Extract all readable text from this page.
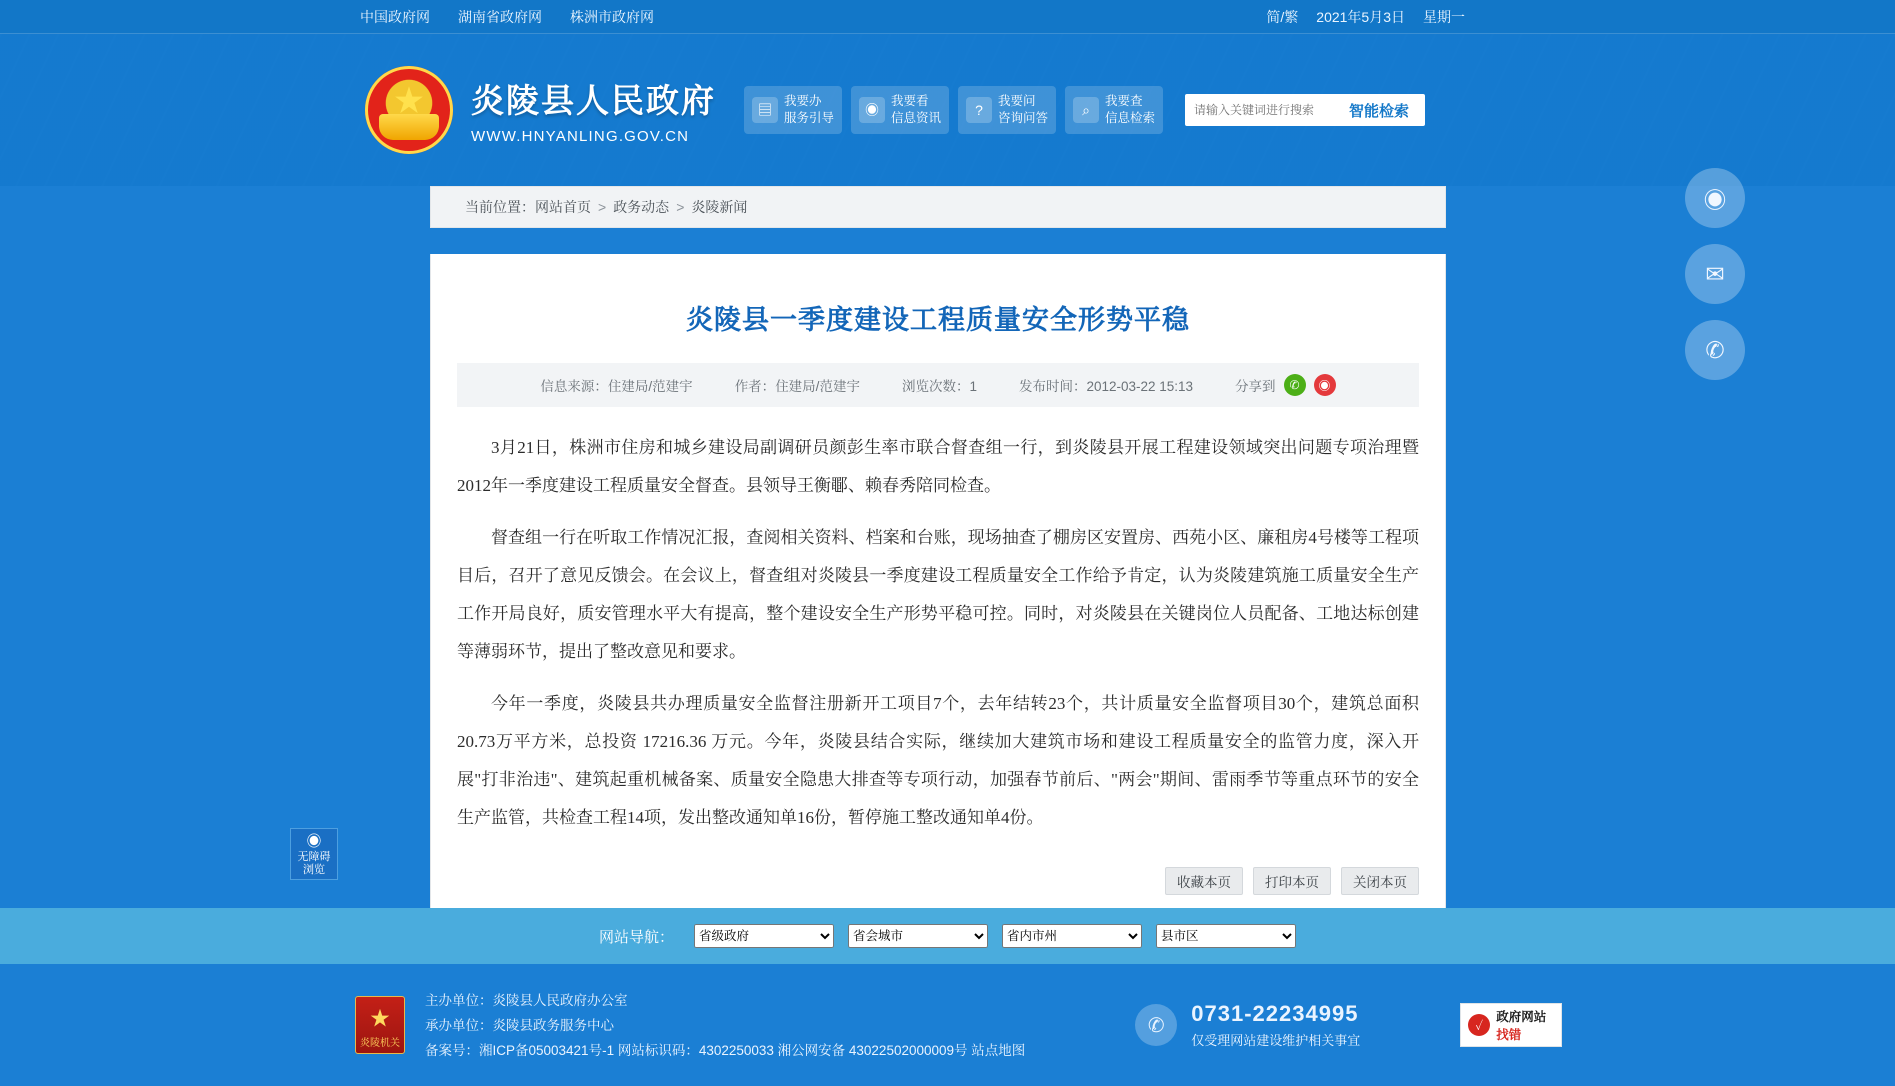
中国政府网 湖南省政府网 株洲市政府网	简/繁 2021年5月3日 星期一
★
炎陵县人民政府
WWW.HNYANLING.GOV.CN
▤
我要办
服务引导
◉
我要看
信息资讯
?
我要问
咨询问答
⌕
我要查
信息检索
请输入关键词进行搜索	智能检索
◉
✉
✆
◉
无障碍
浏览
当前位置： 网站首页 > 政务动态 > 炎陵新闻
炎陵县一季度建设工程质量安全形势平稳
信息来源：住建局/范建宇	作者：住建局/范建宇	浏览次数：1	发布时间：2012-03-22 15:13	分享到	✆	◉

3月21日，株洲市住房和城乡建设局副调研员颜彭生率市联合督查组一行，到炎陵县开展工程建设领域突出问题专项治理暨2012年一季度建设工程质量安全督查。县领导王衡鄳、赖春秀陪同检查。

督查组一行在听取工作情况汇报，查阅相关资料、档案和台账，现场抽查了棚房区安置房、西苑小区、廉租房4号楼等工程项目后，召开了意见反馈会。在会议上，督查组对炎陵县一季度建设工程质量安全工作给予肯定，认为炎陵建筑施工质量安全生产工作开局良好，质安管理水平大有提高，整个建设安全生产形势平稳可控。同时，对炎陵县在关键岗位人员配备、工地达标创建等薄弱环节，提出了整改意见和要求。

今年一季度，炎陵县共办理质量安全监督注册新开工项目7个，去年结转23个，共计质量安全监督项目30个，建筑总面积20.73万平方米，总投资 17216.36 万元。今年，炎陵县结合实际，继续加大建筑市场和建设工程质量安全的监管力度，深入开展"打非治违"、建筑起重机械备案、质量安全隐患大排查等专项行动，加强春节前后、"两会"期间、雷雨季节等重点环节的安全生产监管，共检查工程14项，发出整改通知单16份，暂停施工整改通知单4份。

收藏本页	打印本页	关闭本页
网站导航：
省级政府
省会城市
省内市州
县市区
★ 炎陵机关
主办单位：炎陵县人民政府办公室
承办单位：炎陵县政务服务中心
备案号：湘ICP备05003421号-1 网站标识码：4302250033 湘公网安备 43022502000009号 站点地图
✆	0731-22234995
仅受理网站建设维护相关事宜
✓
政府网站
找错
